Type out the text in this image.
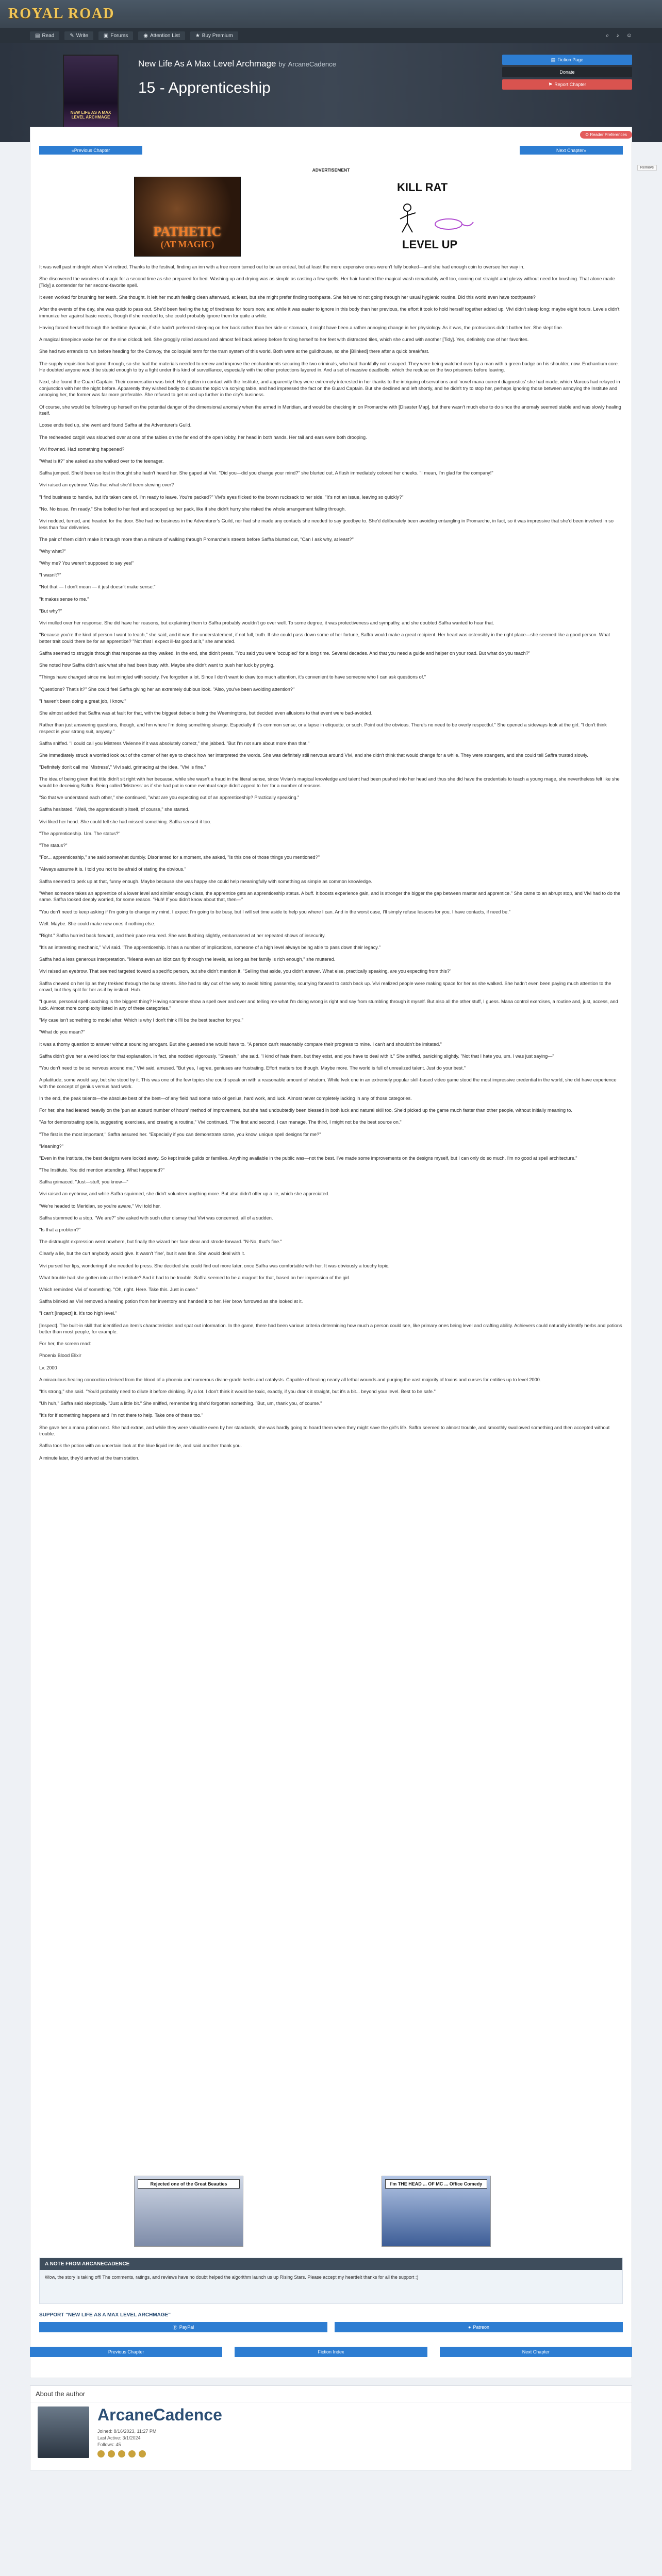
ROYAL ROAD
▤ Read	✎ Write	▣ Forums	◉ Attention List	★ Buy Premium	⌕ ♪ ☺
NEW LIFE AS A MAX LEVEL ARCHMAGE
New Life As A Max Level Archmage by ArcaneCadence
15 - Apprenticeship
▤ Fiction Page
Donate
⚑ Report Chapter
⚙ Reader Preferences
« Previous Chapter	Next Chapter »
ADVERTISEMENT	Remove
PATHETIC
(AT MAGIC)
KILL RAT
LEVEL UP

It was well past midnight when Vivi retired. Thanks to the festival, finding an inn with a free room turned out to be an ordeal, but at least the more expensive ones weren't fully booked—and she had enough coin to oversee her way in.

She discovered the wonders of magic for a second time as she prepared for bed. Washing up and drying was as simple as casting a few spells. Her hair handled the magical wash remarkably well too, coming out straight and glossy without need for brushing. That alone made [Tidy] a contender for her second-favorite spell.

It even worked for brushing her teeth. She thought. It left her mouth feeling clean afterward, at least, but she might prefer finding toothpaste. She felt weird not going through her usual hygienic routine. Did this world even have toothpaste?

After the events of the day, she was quick to pass out. She'd been feeling the tug of tiredness for hours now, and while it was easier to ignore in this body than her previous, the effort it took to hold herself together added up. Vivi didn't sleep long; maybe eight hours. Levels didn't immunize her against basic needs, though if she needed to, she could probably ignore them for quite a while.

Having forced herself through the bedtime dynamic, if she hadn't preferred sleeping on her back rather than her side or stomach, it might have been a rather annoying change in her physiology. As it was, the protrusions didn't bother her. She slept fine.

A magical timepiece woke her on the nine o'clock bell. She groggily rolled around and almost fell back asleep before forcing herself to her feet with distracted tiles, which she cured with another [Tidy]. Yes, definitely one of her favorites.

She had two errands to run before heading for the Convoy, the colloquial term for the tram system of this world. Both were at the guildhouse, so she [Blinked] there after a quick breakfast.

The supply requisition had gone through, so she had the materials needed to renew and improve the enchantments securing the two criminals, who had thankfully not escaped. They were being watched over by a man with a green badge on his shoulder, now. Enchantium core. He doubted anyone would be stupid enough to try a fight under this kind of surveillance, especially with the other protections layered in. And a set of massive deadbolts, which the recluse on the two prisoners before leaving.

Next, she found the Guard Captain. Their conversation was brief: He'd gotten in contact with the Institute, and apparently they were extremely interested in her thanks to the intriguing observations and 'novel mana current diagnostics' she had made, which Marcus had relayed in conjunction with her the night before. Apparently they wished badly to discuss the topic via scrying table, and had impressed the fact on the Guard Captain. But she declined and left shortly, and he didn't try to stop her, perhaps ignoring those between annoying the Institute and annoying her, the former was far more preferable. She refused to get mixed up further in the city's business.

Of course, she would be following up herself on the potential danger of the dimensional anomaly when the armed in Meridian, and would be checking in on Promarche with [Disaster Map], but there wasn't much else to do since the anomaly seemed stable and was slowly healing itself.

Loose ends tied up, she went and found Saffra at the Adventurer's Guild.

The redheaded catgirl was slouched over at one of the tables on the far end of the open lobby, her head in both hands. Her tail and ears were both drooping.

Vivi frowned. Had something happened?

"What is it?" she asked as she walked over to the teenager.

Saffra jumped. She'd been so lost in thought she hadn't heard her. She gaped at Vivi. "Did you—did you change your mind?" she blurted out. A flush immediately colored her cheeks. "I mean, I'm glad for the company!"

Vivi raised an eyebrow. Was that what she'd been stewing over?

"I find business to handle, but it's taken care of. I'm ready to leave. You're packed?" Vivi's eyes flicked to the brown rucksack to her side. "It's not an issue, leaving so quickly?"

"No. No issue. I'm ready." She bolted to her feet and scooped up her pack, like if she didn't hurry she risked the whole arrangement falling through.

Vivi nodded, turned, and headed for the door. She had no business in the Adventurer's Guild, nor had she made any contacts she needed to say goodbye to. She'd deliberately been avoiding entangling in Promarche, in fact, so it was impressive that she'd been involved in so less than four deliveries.

The pair of them didn't make it through more than a minute of walking through Promarche's streets before Saffra blurted out, "Can I ask why, at least?"

"Why what?"

"Why me? You weren't supposed to say yes!"

"I wasn't?"

"Not that — I don't mean — it just doesn't make sense."

"It makes sense to me."

"But why?"

Vivi mulled over her response. She did have her reasons, but explaining them to Saffra probably wouldn't go over well. To some degree, it was protectiveness and sympathy, and she doubted Saffra wanted to hear that.

"Because you're the kind of person I want to teach," she said, and it was the understatement, if not full, truth. If she could pass down some of her fortune, Saffra would make a great recipient. Her heart was ostensibly in the right place—she seemed like a good person. What better trait could there be for an apprentice? "Not that I expect ill-fat good at it," she amended.

Saffra seemed to struggle through that response as they walked. In the end, she didn't press. "You said you were 'occupied' for a long time. Several decades. And that you need a guide and helper on your road. But what do you teach?"

She noted how Saffra didn't ask what she had been busy with. Maybe she didn't want to push her luck by prying.

"Things have changed since me last mingled with society. I've forgotten a lot. Since I don't want to draw too much attention, it's convenient to have someone who I can ask questions of."

"Questions? That's it?" She could feel Saffra giving her an extremely dubious look. "Also, you've been avoiding attention?"

"I haven't been doing a great job, I know."

She almost added that Saffra was at fault for that, with the biggest debacle being the Weemingtons, but decided even allusions to that event were bad-avoided.

Rather than just answering questions, though, and hm where I'm doing something strange. Especially if it's common sense, or a lapse in etiquette, or such. Point out the obvious. There's no need to be overly respectful." She opened a sideways look at the girl. "I don't think respect is your strong suit, anyway."

Saffra sniffed. "I could call you Mistress Vivienne if it was absolutely correct," she jabbed. "But I'm not sure about more than that."

She immediately struck a worried look out of the corner of her eye to check how her interpreted the words. She was definitely still nervous around Vivi, and she didn't think that would change for a while. They were strangers, and she could tell Saffra trusted slowly.

"Definitely don't call me 'Mistress'," Vivi said, grimacing at the idea. "Vivi is fine."

The idea of being given that title didn't sit right with her because, while she wasn't a fraud in the literal sense, since Vivian's magical knowledge and talent had been pushed into her head and thus she did have the credentials to teach a young mage, she nevertheless felt like she would be deceiving Saffra. Being called 'Mistress' as if she had put in some eventual sage didn't appeal to her for a number of reasons.

"So that we understand each other," she continued, "what are you expecting out of an apprenticeship? Practically speaking."

Saffra hesitated. "Well, the apprenticeship itself, of course," she started.

Vivi liked her head. She could tell she had missed something. Saffra sensed it too.

"The apprenticeship. Um. The status?"

"The status?"

"For... apprenticeship," she said somewhat dumbly. Disoriented for a moment, she asked, "Is this one of those things you mentioned?"

"Always assume it is. I told you not to be afraid of stating the obvious."

Saffra seemed to perk up at that, funny enough. Maybe because she was happy she could help meaningfully with something as simple as common knowledge.

"When someone takes an apprentice of a lower level and similar enough class, the apprentice gets an apprenticeship status. A buff. It boosts experience gain, and is stronger the bigger the gap between master and apprentice." She came to an abrupt stop, and Vivi had to do the same. Saffra looked deeply worried, for some reason. "Huh! If you didn't know about that, then—"

"You don't need to keep asking if I'm going to change my mind. I expect I'm going to be busy, but I will set time aside to help you where I can. And in the worst case, I'll simply refuse lessons for you. I have contacts, if need be."

Well. Maybe. She could make new ones if nothing else.

"Right." Saffra hurried back forward, and their pace resumed. She was flushing slightly, embarrassed at her repeated shows of insecurity.

"It's an interesting mechanic," Vivi said. "The apprenticeship. It has a number of implications, someone of a high level always being able to pass down their legacy."

Saffra had a less generous interpretation. "Means even an idiot can fly through the levels, as long as her family is rich enough," she muttered.

Vivi raised an eyebrow. That seemed targeted toward a specific person, but she didn't mention it. "Selling that aside, you didn't answer. What else, practically speaking, are you expecting from this?"

Saffra chewed on her lip as they trekked through the busy streets. She had to sky out of the way to avoid hitting passersby, scurrying forward to catch back up. Vivi realized people were making space for her as she walked. She hadn't even been paying much attention to the crowd, but they split for her as if by instinct. Huh.

"I guess, personal spell coaching is the biggest thing? Having someone show a spell over and over and telling me what I'm doing wrong is right and say from stumbling through it myself. But also all the other stuff, I guess. Mana control exercises, a routine and, just, access, and luck. Almost more complexity listed in any of these categories."

"My case isn't something to model after. Which is why I don't think I'll be the best teacher for you."

"What do you mean?"

It was a thorny question to answer without sounding arrogant. But she guessed she would have to. "A person can't reasonably compare their progress to mine. I can't and shouldn't be imitated."

Saffra didn't give her a weird look for that explanation. In fact, she nodded vigorously. "Sheesh," she said. "I kind of hate them, but they exist, and you have to deal with it." She sniffed, panicking slightly. "Not that I hate you, um. I was just saying—"

"You don't need to be so nervous around me," Vivi said, amused. "But yes, I agree, geniuses are frustrating. Effort matters too though. Maybe more. The world is full of unrealized talent. Just do your best."

A platitude, some would say, but she stood by it. This was one of the few topics she could speak on with a reasonable amount of wisdom. While Ivek one in an extremely popular skill-based video game stood the most impressive credential in the world, she did have experience with the concept of genius versus hard work.

In the end, the peak talents—the absolute best of the best—of any field had some ratio of genius, hard work, and luck. Almost never completely lacking in any of those categories.

For her, she had leaned heavily on the 'pun an absurd number of hours' method of improvement, but she had undoubtedly been blessed in both luck and natural skill too. She'd picked up the game much faster than other people, without initially meaning to.

"As for demonstrating spells, suggesting exercises, and creating a routine," Vivi continued. "The first and second, I can manage. The third, I might not be the best source on."

"The first is the most important," Saffra assured her. "Especially if you can demonstrate some, you know, unique spell designs for me?"

"Meaning?"

"Even in the Institute, the best designs were locked away. So kept inside guilds or families. Anything available in the public was—not the best. I've made some improvements on the designs myself, but I can only do so much. I'm no good at spell architecture."

"The Institute. You did mention attending. What happened?"

Saffra grimaced. "Just—stuff, you know—"

Vivi raised an eyebrow, and while Saffra squirmed, she didn't volunteer anything more. But also didn't offer up a lie, which she appreciated.

"We're headed to Meridian, so you're aware," Vivi told her.

Saffra stammed to a stop. "We are?" she asked with such utter dismay that Vivi was concerned, all of a sudden.

"Is that a problem?"

The distraught expression went nowhere, but finally the wizard her face clear and strode forward. "N-No, that's fine."

Clearly a lie, but the curt anybody would give. It wasn't 'fine', but it was fine. She would deal with it.

Vivi pursed her lips, wondering if she needed to press. She decided she could find out more later, once Saffra was comfortable with her. It was obviously a touchy topic.

What trouble had she gotten into at the Institute? And it had to be trouble. Saffra seemed to be a magnet for that, based on her impression of the girl.

Which reminded Vivi of something. "Oh, right. Here. Take this. Just in case."

Saffra blinked as Vivi removed a healing potion from her inventory and handed it to her. Her brow furrowed as she looked at it.

"I can't [Inspect] it. It's too high level."

[Inspect]. The built-in skill that identified an item's characteristics and spat out information. In the game, there had been various criteria determining how much a person could see, like primary ones being level and crafting ability. Achievers could naturally identify herbs and potions better than most people, for example.

For her, the screen read:

Phoenix Blood Elixir

Lv. 2000

A miraculous healing concoction derived from the blood of a phoenix and numerous divine-grade herbs and catalysts. Capable of healing nearly all lethal wounds and purging the vast majority of toxins and curses for entities up to level 2000.

"It's strong," she said. "You'd probably need to dilute it before drinking. By a lot. I don't think it would be toxic, exactly, if you drank it straight, but it's a bit... beyond your level. Best to be safe."

"Uh huh," Saffra said skeptically. "Just a little bit." She sniffed, remembering she'd forgotten something. "But, um, thank you, of course."

"It's for if something happens and I'm not there to help. Take one of these too."

She gave her a mana potion next. She had extras, and while they were valuable even by her standards, she was hardly going to hoard them when they might save the girl's life. Saffra seemed to almost trouble, and smoothly swallowed something and then accepted without trouble.

Saffra took the potion with an uncertain look at the blue liquid inside, and said another thank you.

A minute later, they'd arrived at the tram station.

Rejected one of the Great Beauties	I'm THE HEAD ... OF MC ... Office Comedy
A NOTE FROM ARCANECADENCE
Wow, the story is taking off! The comments, ratings, and reviews have no doubt helped the algorithm launch us up Rising Stars. Please accept my heartfelt thanks for all the support :)
SUPPORT "NEW LIFE AS A MAX LEVEL ARCHMAGE"
Ⓟ PayPal	● Patreon
Previous Chapter	Fiction Index	Next Chapter
About the author
ArcaneCadence
Joined: 8/16/2023, 11:27 PM
Last Active: 3/1/2024
Follows: 45
